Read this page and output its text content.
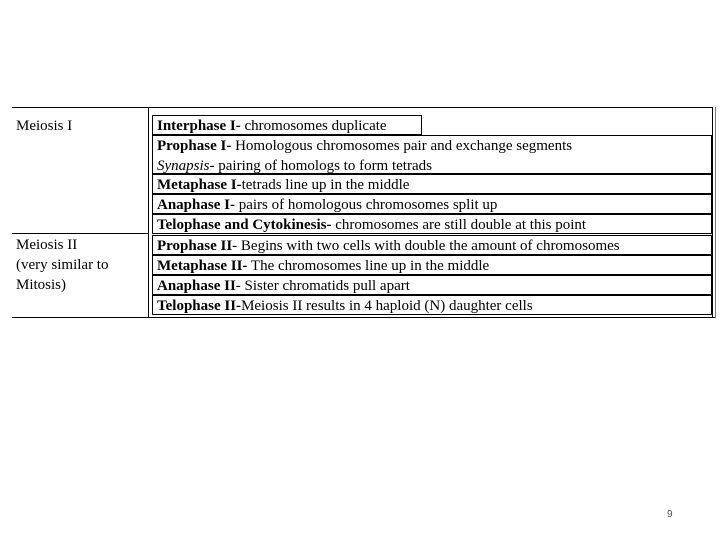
Meiosis I
Meiosis II
(very similar to
Mitosis)
Interphase I- chromosomes duplicate
Prophase I- Homologous chromosomes pair and exchange segments
Synapsis- pairing of homologs to form tetrads
Metaphase I-tetrads line up in the middle
Anaphase I- pairs of homologous chromosomes split up
Telophase and Cytokinesis- chromosomes are still double at this point
Prophase II- Begins with two cells with double the amount of chromosomes
Metaphase II- The chromosomes line up in the middle
Anaphase II- Sister chromatids pull apart
Telophase II-Meiosis II results in 4 haploid (N) daughter cells
9
